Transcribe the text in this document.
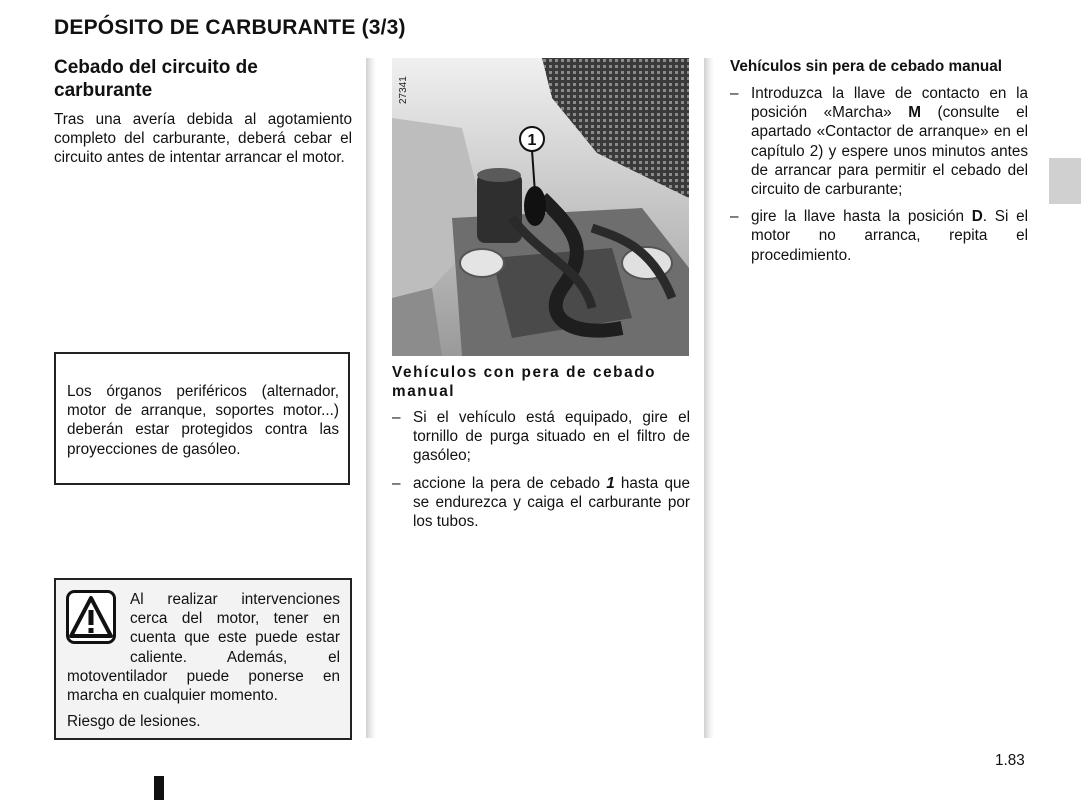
DEPÓSITO DE CARBURANTE (3/3)
Cebado del circuito de carburante
Tras una avería debida al agotamiento completo del carburante, deberá cebar el circuito antes de intentar arrancar el motor.
Los órganos periféricos (alternador, motor de arranque, soportes motor...) deberán estar protegidos contra las proyecciones de gasóleo.
Al realizar intervenciones cerca del motor, tener en cuenta que este puede estar caliente. Además, el motoventilador puede ponerse en marcha en cualquier momento.
Riesgo de lesiones.
1
27341
Vehículos con pera de cebado manual
– Si el vehículo está equipado, gire el tornillo de purga situado en el filtro de gasóleo;
– accione la pera de cebado 1 hasta que se endurezca y caiga el carburante por los tubos.
Vehículos sin pera de cebado manual
– Introduzca la llave de contacto en la posición «Marcha» M (consulte el apartado «Contactor de arranque» en el capítulo 2) y espere unos minutos antes de arrancar para permitir el cebado del circuito de carburante;
– gire la llave hasta la posición D. Si el motor no arranca, repita el procedimiento.
1.83
